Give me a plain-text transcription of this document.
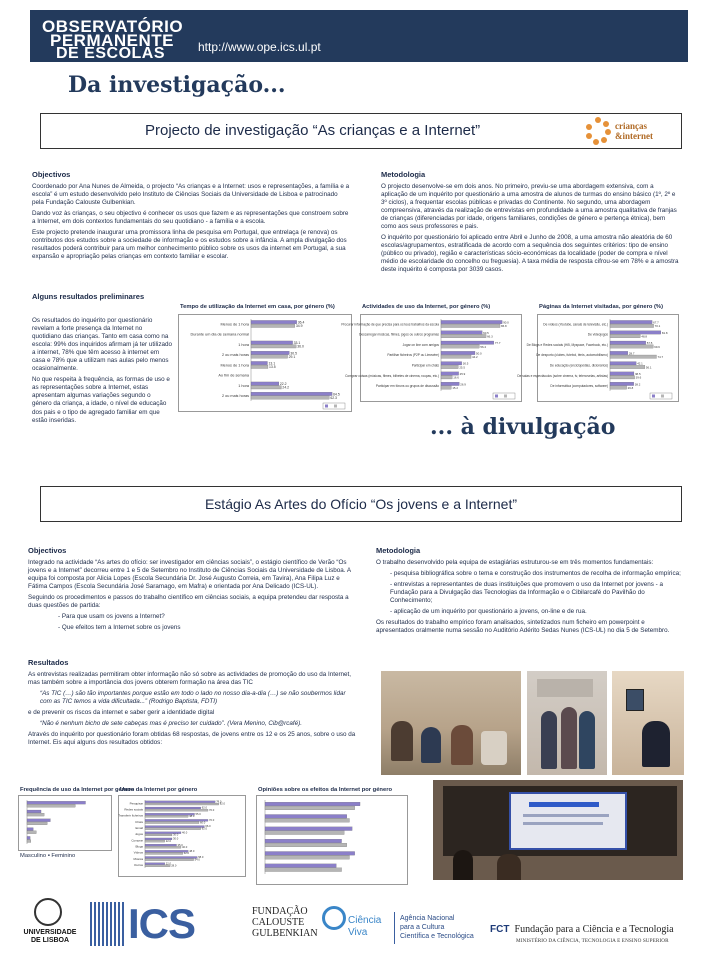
OBSERVATÓRIO
PERMANENTE
DE ESCOLAS	http://www.ope.ics.ul.pt
Da investigação...
Projecto de investigação “As crianças e a Internet”	crianças
&internet
Objectivos
Coordenado por Ana Nunes de Almeida, o projecto “As crianças e a Internet: usos e representações, a família e a escola” é um estudo desenvolvido pelo Instituto de Ciências Sociais da Universidade de Lisboa e patrocinado pela Fundação Calouste Gulbenkian.
Dando voz às crianças, o seu objectivo é conhecer os usos que fazem e as representações que constroem sobre a Internet, em dois contextos fundamentais do seu quotidiano - a família e a escola.
Este projecto pretende inaugurar uma promissora linha de pesquisa em Portugal, que entrelaça (e renova) os contributos dos estudos sobre a sociedade de informação e os estudos sobre a infância. A ampla divulgação dos resultados poderá contribuir para um melhor conhecimento público sobre os usos da internet em Portugal, a sua expansão e apropriação pelas crianças em contexto familiar e escolar.
Metodologia
O projecto desenvolve-se em dois anos. No primeiro, previu-se uma abordagem extensiva, com a aplicação de um inquérito por questionário a uma amostra de alunos de turmas do ensino básico (1º, 2º e 3º ciclos), a frequentar escolas públicas e privadas do Continente. No segundo, uma abordagem compreensiva, através da realização de entrevistas em profundidade a uma amostra qualitativa de franjas de crianças (diferenciadas por idade, origens familiares, condições de género e pertença étnica), bem como aos seus professores e pais.
O inquérito por questionário foi aplicado entre Abril e Junho de 2008, a uma amostra não aleatória de 60 escolas/agrupamentos, estratificada de acordo com a sequência dos seguintes critérios: tipo de ensino (público ou privado), região e características sócio-económicas da localidade (poder de compra e nível médio de escolaridade do concelho ou freguesia). A taxa média de resposta cifrou-se em 78% e a amostra deste inquérito é composta por 3039 casos.
Alguns resultados preliminares
Os resultados do inquérito por questionário revelam a forte presença da Internet no quotidiano das crianças. Tanto em casa como na escola: 99% dos inquiridos afirmam já ter utilizado a internet, 78% que têm acesso à internet em casa e 78% que a utilizam nas aulas pelo menos ocasionalmente.
No que respeita à frequência, as formas de uso e as representações sobre a Internet, estas apresentam algumas variações segundo o género da criança, a idade, o nível de educação dos pais e o tipo de agregado familiar em que estão inseridas.
Tempo de utilização da Internet em casa, por género (%)
Menos de 1 hora	36.4
34.9
Durante um dia de semana normal
1 hora	33.1
36.0
2 ou mais horas	30.5
29.1
Menos de 1 hora	13.1
13.5
Ao fim de semana
1 hora	22.2
24.2
2 ou mais horas	64.5
62.3
Actividades de uso da Internet, por género (%)
Procurar informação de que precisa para os teus trabalhos da escola	90.0
86.8
Descarregar músicas, filmes, jogos ou outros programas	60.5
66.3
Jogar on line com amigos	77.7
56.4
Partilhar ficheiros (P2P ou Limewire)	50.0
44.2
Participar em chats	30.5
25.5
Comprar coisas (músicas, filmes, bilhetes de cinema, roupas, etc.)	25.9
16.6
Participar em fóruns ou grupos de discussão	26.9
15.2
Páginas da Internet visitadas, por género (%)
De vídeos (Youtube, canais de televisão, etc.)	67.7
70.1
De videojogos	81.8
48.8
De Blogs e Redes sociais (Hi5, Myspace, Facebook, etc.)	57.5
69.6
De desporto (clubes, futebol, ténis, automobilismo)	28.7
74.7
De educação (enciclopédias, dicionários)	42.1
56.1
De salas e espectáculos (sobre cinema, tv, telenovelas, artistas)	38.5
39.6
De informática (computadores, software)	38.2
26.8
... à divulgação
Estágio As Artes do Ofício “Os jovens e a Internet”
Objectivos
Integrado na actividade “As artes do ofício: ser investigador em ciências sociais”, o estágio científico de Verão “Os jovens e a Internet” decorreu entre 1 e 5 de Setembro no Instituto de Ciências Sociais da Universidade de Lisboa. A equipa foi composta por Alicia Lopes (Escola Secundária Dr. José Augusto Correia, em Tavira), Ana Filipa Luz e Fátima Campos (Escola Secundária José Saramago, em Mafra) e orientada por Ana Delicado (ICS-UL).
Seguindo os procedimentos e passos do trabalho científico em ciências sociais, a equipa pretendeu dar resposta a duas questões de partida:
- Para que usam os jovens a Internet?
- Que efeitos tem a Internet sobre os jovens
Metodologia
O trabalho desenvolvido pela equipa de estagiárias estruturou-se em três momentos fundamentais:
- pesquisa bibliográfica sobre o tema e construção dos instrumentos de recolha de informação empírica;
- entrevistas a representantes de duas instituições que promovem o uso da Internet por jovens - a Fundação para a Divulgação das Tecnologias da Informação e o Cibilarcafé do Pavilhão do Conhecimento;
- aplicação de um inquérito por questionário a jovens, on-line e de rua.
Os resultados do trabalho empírico foram analisados, sintetizados num ficheiro em powerpoint e apresentados oralmente numa sessão no Auditório Adérito Sedas Nunes (ICS-UL) no dia 5 de Setembro.
Resultados
As entrevistas realizadas permitiram obter informação não só sobre as actividades de promoção do uso da Internet, mas também sobre a importância dos jovens obterem formação na área das TIC
“As TIC (…) são tão importantes porque estão em todo o lado no nosso dia-a-dia (…) se não soubermos lidar com as TIC temos a vida dificultada...” (Rodrigo Baptista, FDTI)
e de prevenir os riscos da internet e saber gerir a identidade digital
“Não é nenhum bicho de sete cabeças mas é preciso ter cuidado”. (Vera Menino, Cib@rcafé).
Através do inquérito por questionário foram obtidas 68 respostas, de jovens entre os 12 e os 25 anos, sobre o uso da Internet. Eis aqui alguns dos resultados obtidos:
Frequência de uso da Internet por género
Masculino ▪ Feminino
Usos da Internet por género
Pesquisar	78.0
82.0
Redes sociais	62.0
70.0
Transferir ficheiros	55.0
48.0
Chats	70.0
60.0
Email	66.0
62.0
Jogos	40.0
30.0
Comprar	30.0
22.0
Blogs	35.0
40.0
Vídeos	48.0
42.0
Música	58.0
54.0
Outros	22.0
28.0
Opiniões sobre os efeitos da Internet por género
UNIVERSIDADE
DE LISBOA	ICS	FUNDAÇÃO
CALOUSTE
GULBENKIAN
Ciência
Viva
Agência Nacional
para a Cultura
Científica e Tecnológica
FCT Fundação para a Ciência e a Tecnologia
MINISTÉRIO DA CIÊNCIA, TECNOLOGIA E ENSINO SUPERIOR
